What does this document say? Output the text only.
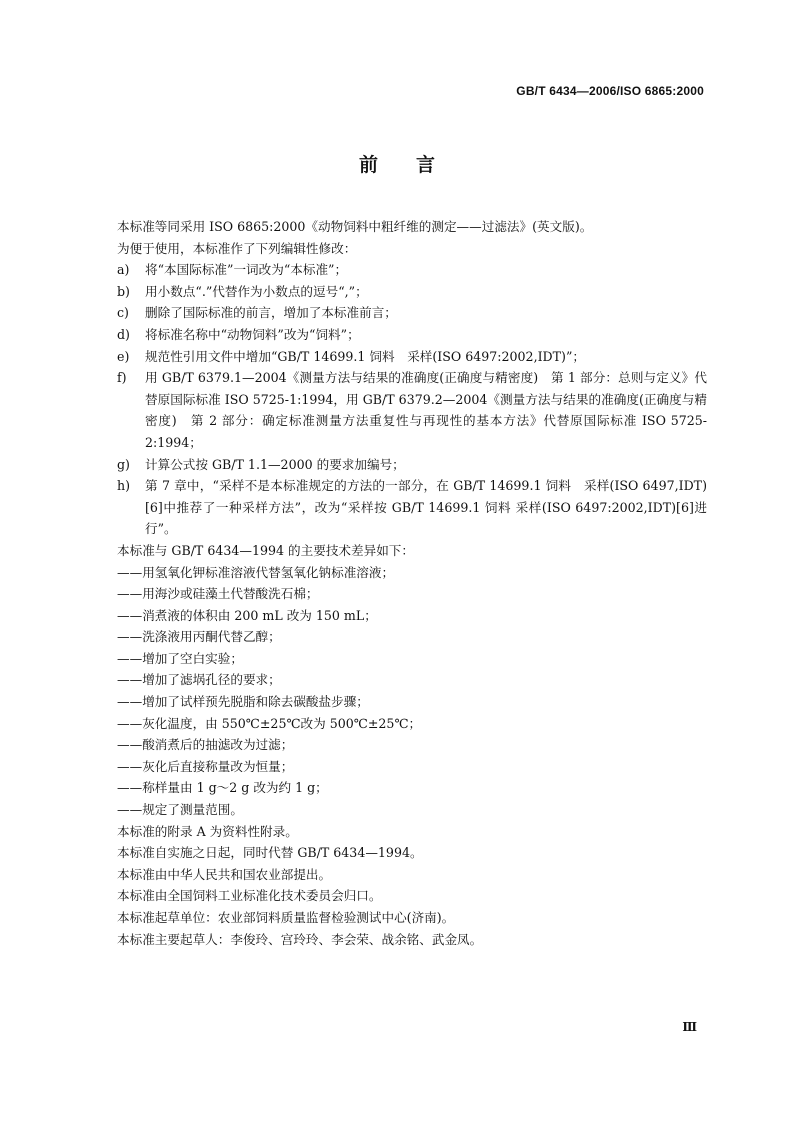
GB/T 6434—2006/ISO 6865:2000
前言
本标准等同采用 ISO 6865:2000《动物饲料中粗纤维的测定——过滤法》(英文版)。
为便于使用，本标准作了下列编辑性修改：
a) 将“本国际标准”一词改为“本标准”；
b) 用小数点“.”代替作为小数点的逗号“,”；
c) 删除了国际标准的前言，增加了本标准前言；
d) 将标准名称中“动物饲料”改为“饲料”；
e) 规范性引用文件中增加“GB/T 14699.1 饲料　采样(ISO 6497:2002,IDT)”；
f) 用 GB/T 6379.1—2004《测量方法与结果的准确度(正确度与精密度)　第 1 部分：总则与定义》代替原国际标准 ISO 5725-1:1994，用 GB/T 6379.2—2004《测量方法与结果的准确度(正确度与精密度)　第 2 部分：确定标准测量方法重复性与再现性的基本方法》代替原国际标准 ISO 5725-2:1994；
g) 计算公式按 GB/T 1.1—2000 的要求加编号；
h) 第 7 章中，“采样不是本标准规定的方法的一部分，在 GB/T 14699.1 饲料　采样(ISO 6497,IDT)[6]中推荐了一种采样方法”，改为“采样按 GB/T 14699.1 饲料 采样(ISO 6497:2002,IDT)[6]进行”。
本标准与 GB/T 6434—1994 的主要技术差异如下：
——用氢氧化钾标准溶液代替氢氧化钠标准溶液；
——用海沙或硅藻土代替酸洗石棉；
——消煮液的体积由 200 mL 改为 150 mL；
——洗涤液用丙酮代替乙醇；
——增加了空白实验；
——增加了滤埚孔径的要求；
——增加了试样预先脱脂和除去碳酸盐步骤；
——灰化温度，由 550℃±25℃改为 500℃±25℃；
——酸消煮后的抽滤改为过滤；
——灰化后直接称量改为恒量；
——称样量由 1 g～2 g 改为约 1 g；
——规定了测量范围。
本标准的附录 A 为资料性附录。
本标准自实施之日起，同时代替 GB/T 6434—1994。
本标准由中华人民共和国农业部提出。
本标准由全国饲料工业标准化技术委员会归口。
本标准起草单位：农业部饲料质量监督检验测试中心(济南)。
本标准主要起草人：李俊玲、宫玲玲、李会荣、战余铭、武金凤。
Ⅲ
